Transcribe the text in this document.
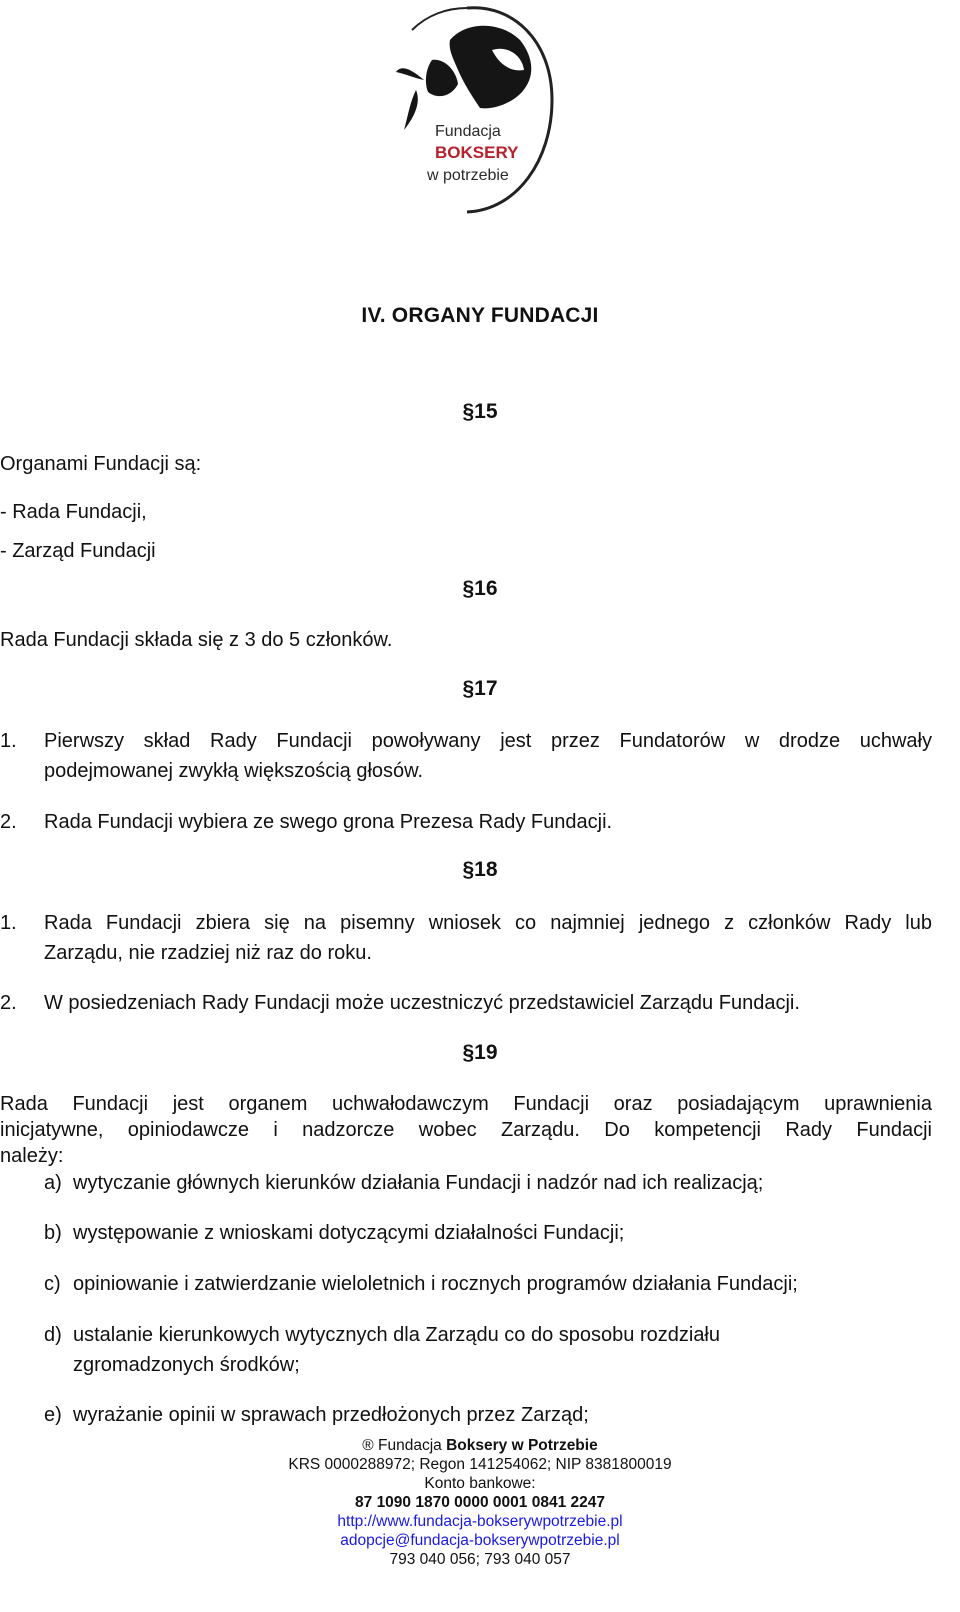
Fundacja
BOKSERY
w potrzebie
IV. ORGANY FUNDACJI
§15
Organami Fundacji są:
- Rada Fundacji,
- Zarząd Fundacji
§16
Rada Fundacji składa się z 3 do 5 członków.
§17
1.	Pierwszy skład Rady Fundacji powoływany jest przez Fundatorów w drodze uchwały
podejmowanej zwykłą większością głosów.
2.	Rada Fundacji wybiera ze swego grona Prezesa Rady Fundacji.
§18
1.	Rada Fundacji zbiera się na pisemny wniosek co najmniej jednego z członków Rady lub
Zarządu, nie rzadziej niż raz do roku.
2.	W posiedzeniach Rady Fundacji może uczestniczyć przedstawiciel Zarządu Fundacji.
§19
Rada Fundacji jest organem uchwałodawczym Fundacji oraz posiadającym uprawnienia
inicjatywne, opiniodawcze i nadzorcze wobec Zarządu. Do kompetencji Rady Fundacji
należy:
a) wytyczanie głównych kierunków działania Fundacji i nadzór nad ich realizacją;
b) występowanie z wnioskami dotyczącymi działalności Fundacji;
c) opiniowanie i zatwierdzanie wieloletnich i rocznych programów działania Fundacji;
d) ustalanie kierunkowych wytycznych dla Zarządu co do sposobu rozdziału
zgromadzonych środków;
e) wyrażanie opinii w sprawach przedłożonych przez Zarząd;
® Fundacja Boksery w Potrzebie
KRS 0000288972; Regon 141254062; NIP 8381800019
Konto bankowe:
87 1090 1870 0000 0001 0841 2247
http://www.fundacja-bokserywpotrzebie.pl
adopcje@fundacja-bokserywpotrzebie.pl
793 040 056; 793 040 057
